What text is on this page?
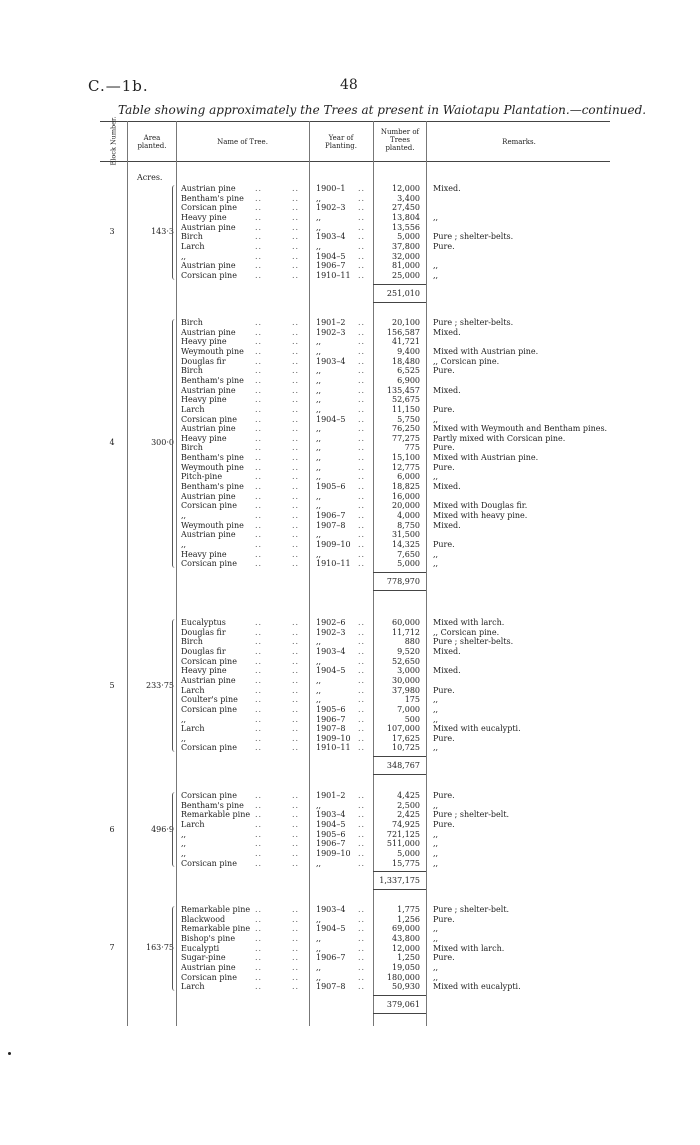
C.—1b.	48
Table showing approximately the Trees at present in Waiotapu Plantation.—continued.
Block Number.	Area planted.	Name of Tree.	Year of Planting.
Number of Trees planted.
Remarks.
Acres.
3	143·3
Austrian pine ..	.. 1900–1 ..	12,000 Mixed.
Bentham's pine ..	.. ,,	..	3,400
Corsican pine ..	.. 1902–3 ..	27,450
Heavy pine	..	.. ,,	..	13,804 ,,
Austrian pine ..	.. ,,	..	13,556
Birch	..	.. 1903–4 ..	5,000 Pure ; shelter-belts.
Larch	..	.. ,,	..	37,800 Pure.
,,	..	.. 1904–5 ..	32,000
Austrian pine ..	.. 1906–7 ..	81,000 ,,
Corsican pine ..	.. 1910–11 ..	25,000 ,,
251,010
4	300·0
Birch	..	.. 1901–2 ..	20,100 Pure ; shelter-belts.
Austrian pine ..	.. 1902–3 ..	156,587 Mixed.
Heavy pine	..	.. ,,	..	41,721
Weymouth pine ..	.. ,,	..	9,400 Mixed with Austrian pine.
Douglas fir	..	.. 1903–4 ..	18,480 ,, Corsican pine.
Birch	..	.. ,,	..	6,525 Pure.
Bentham's pine ..	.. ,,	..	6,900
Austrian pine ..	.. ,,	..	135,457 Mixed.
Heavy pine	..	.. ,,	..	52,675
Larch	..	.. ,,	..	11,150 Pure.
Corsican pine ..	.. 1904–5 ..	5,750 ,,
Austrian pine ..	.. ,,	..	76,250 Mixed with Weymouth and Bentham pines.
Heavy pine	..	.. ,,	..	77,275 Partly mixed with Corsican pine.
Birch	..	.. ,,	..	775 Pure.
Bentham's pine ..	.. ,,	..	15,100 Mixed with Austrian pine.
Weymouth pine ..	.. ,,	..	12,775 Pure.
Pitch-pine	..	.. ,,	..	6,000 ,,
Bentham's pine ..	.. 1905–6 ..	18,825 Mixed.
Austrian pine ..	.. ,,	..	16,000
Corsican pine ..	.. ,,	..	20,000 Mixed with Douglas fir.
,,	..	.. 1906–7 ..	4,000 Mixed with heavy pine.
Weymouth pine ..	.. 1907–8 ..	8,750 Mixed.
Austrian pine ..	.. ,,	..	31,500
,,	..	.. 1909–10 ..	14,325 Pure.
Heavy pine	..	.. ,,	..	7,650 ,,
Corsican pine ..	.. 1910–11 ..	5,000 ,,
778,970
5	233·75
Eucalyptus	..	.. 1902–6 ..	60,000 Mixed with larch.
Douglas fir	..	.. 1902–3 ..	11,712 ,, Corsican pine.
Birch	..	.. ,,	..	880 Pure ; shelter-belts.
Douglas fir	..	.. 1903–4 ..	9,520 Mixed.
Corsican pine ..	.. ,,	..	52,650
Heavy pine	..	.. 1904–5 ..	3,000 Mixed.
Austrian pine ..	.. ,,	..	30,000
Larch	..	.. ,,	..	37,980 Pure.
Coulter's pine ..	.. ,,	..	175 ,,
Corsican pine ..	.. 1905–6 ..	7,000 ,,
,,	..	.. 1906–7 ..	500 ,,
Larch	..	.. 1907–8 ..	107,000 Mixed with eucalypti.
,,	..	.. 1909–10 ..	17,625 Pure.
Corsican pine ..	.. 1910–11 ..	10,725 ,,
348,767
6	496·9
Corsican pine ..	.. 1901–2 ..	4,425 Pure.
Bentham's pine ..	.. ,,	..	2,500 ,,
Remarkable pine ..	.. 1903–4 ..	2,425 Pure ; shelter-belt.
Larch	..	.. 1904–5 ..	74,925 Pure.
,,	..	.. 1905–6 ..	721,125 ,,
,,	..	.. 1906–7 ..	511,000 ,,
,,	..	.. 1909–10 ..	5,000 ,,
Corsican pine ..	.. ,,	..	15,775 ,,
1,337,175
7	163·75
Remarkable pine ..	.. 1903–4 ..	1,775 Pure ; shelter-belt.
Blackwood	..	.. ,,	..	1,256 Pure.
Remarkable pine ..	.. 1904–5 ..	69,000 ,,
Bishop's pine ..	.. ,,	..	43,800 ,,
Eucalypti	..	.. ,,	..	12,000 Mixed with larch.
Sugar-pine	..	.. 1906–7 ..	1,250 Pure.
Austrian pine ..	.. ,,	..	19,050 ,,
Corsican pine ..	.. ,,	..	180,000 ,,
Larch	..	.. 1907–8 ..	50,930 Mixed with eucalypti.
379,061
